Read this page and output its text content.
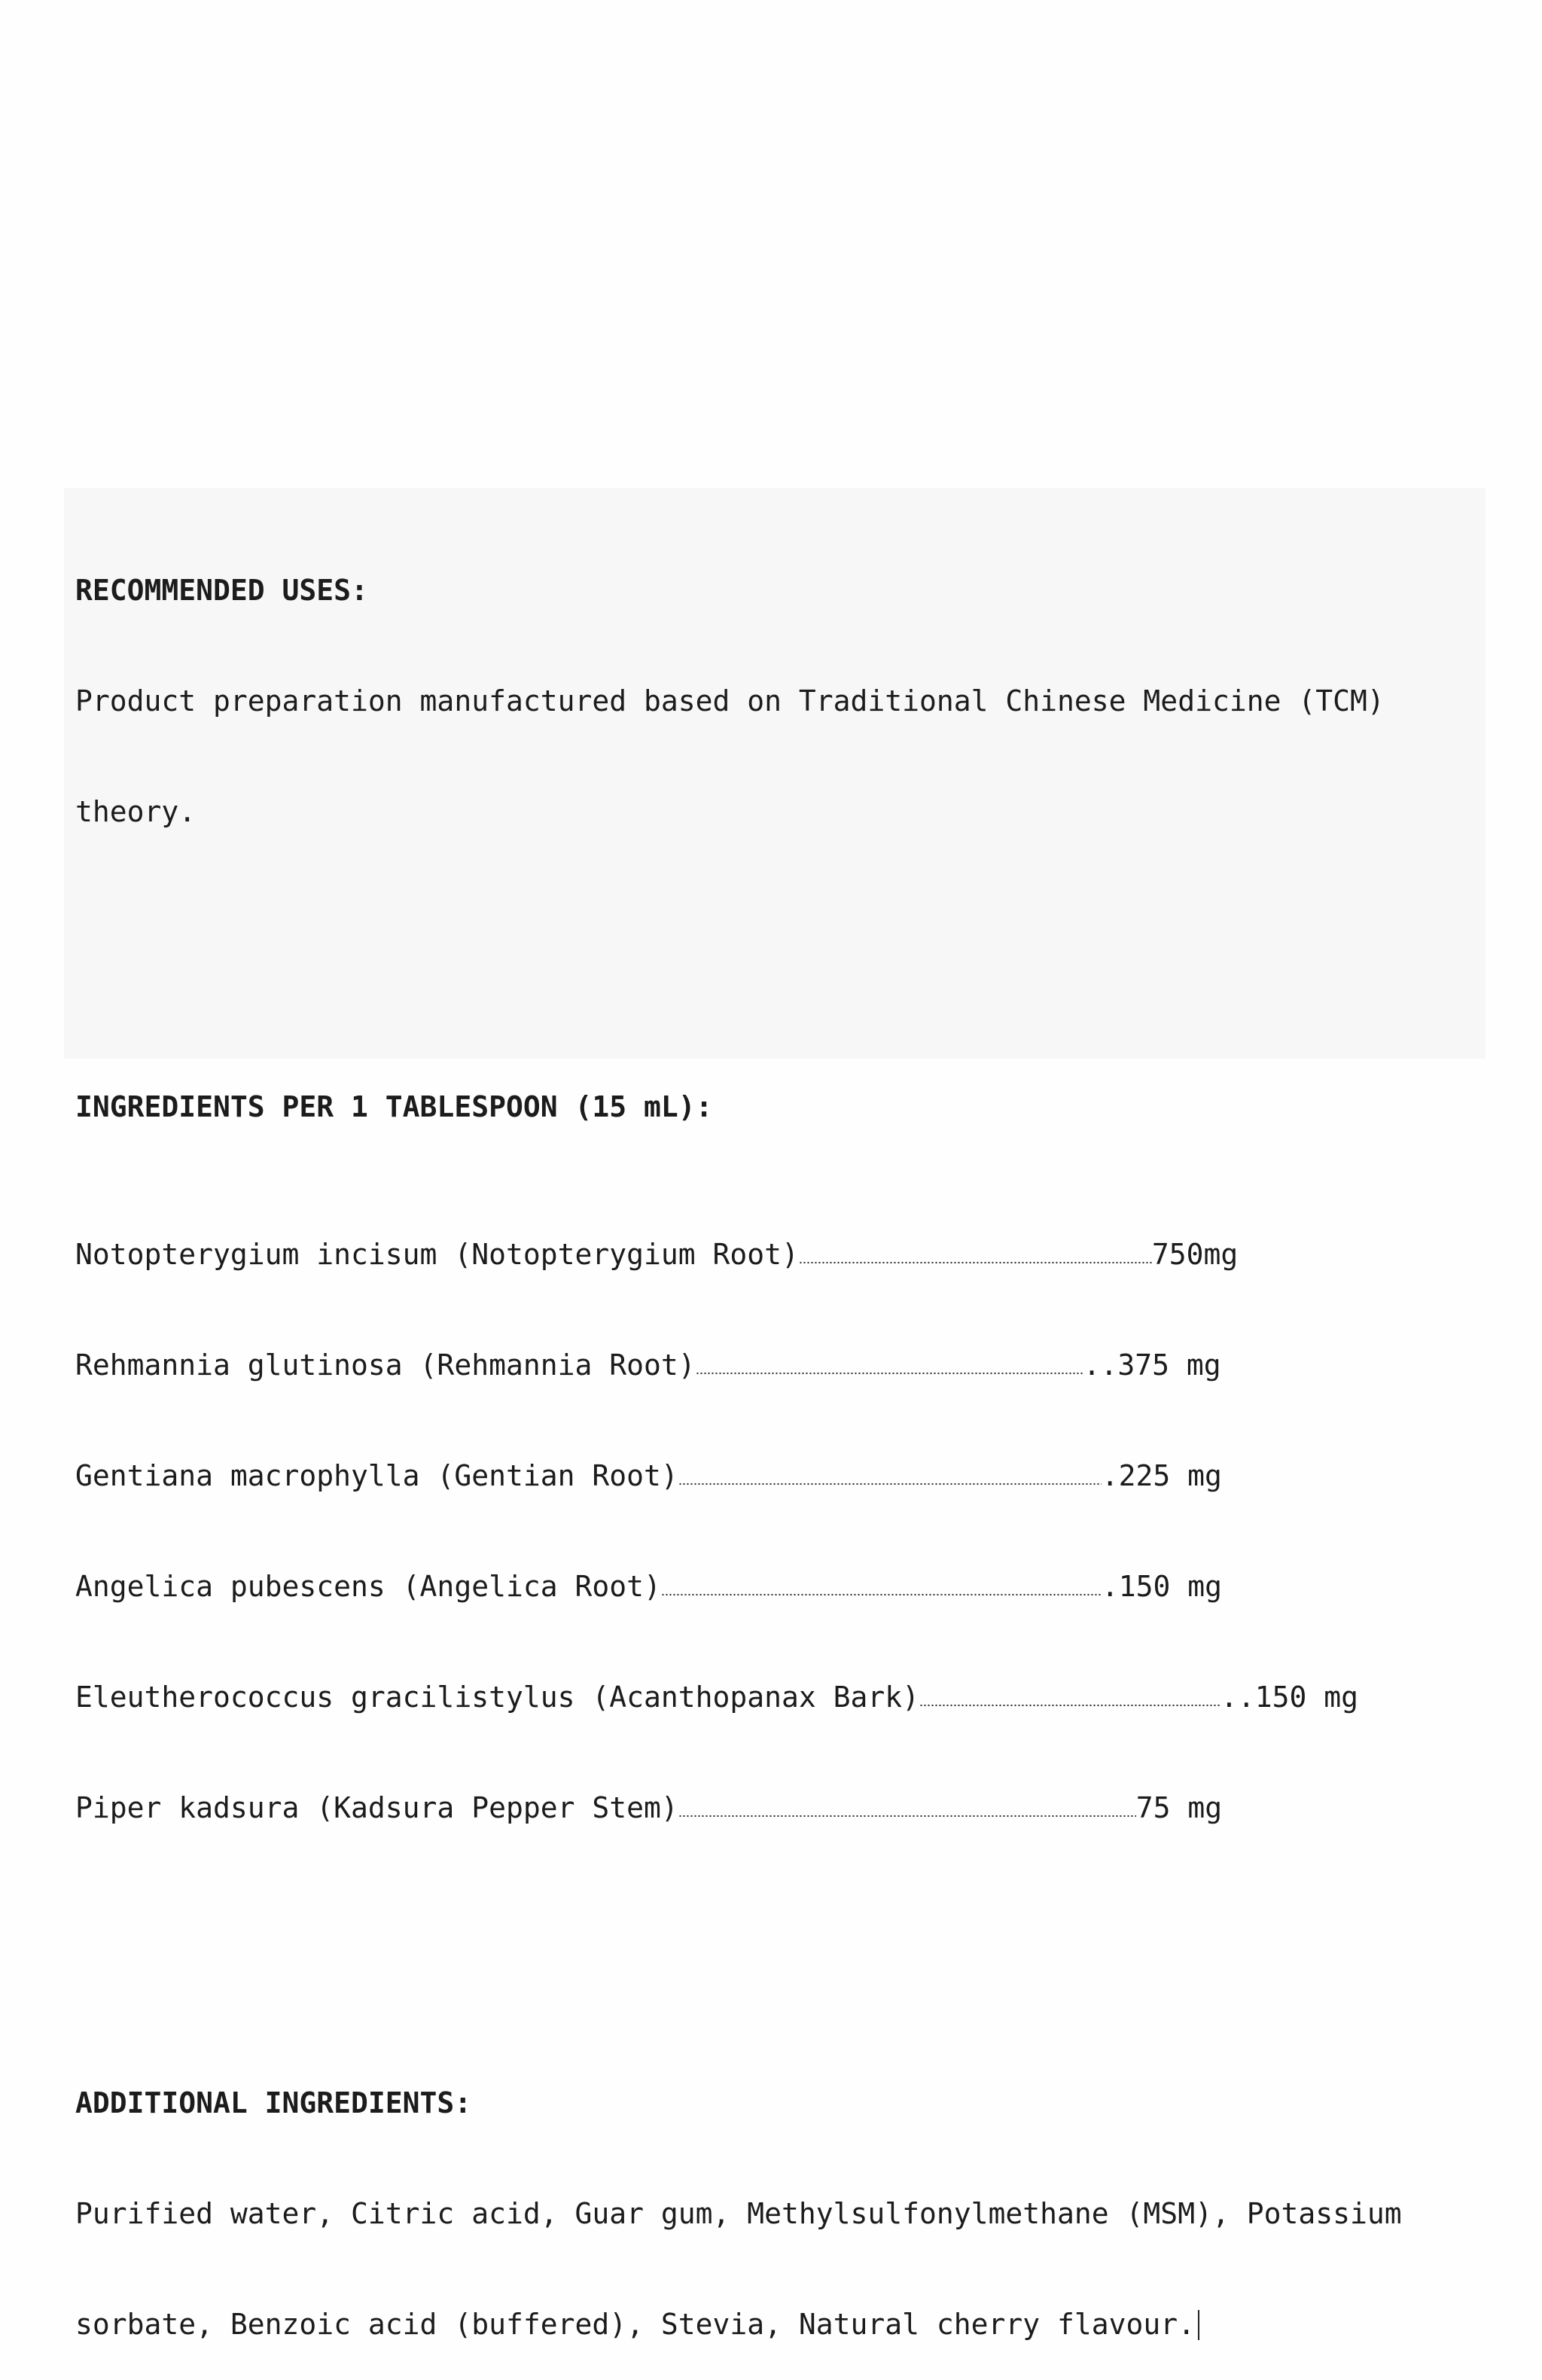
RECOMMENDED USES:

Product preparation manufactured based on Traditional Chinese Medicine (TCM)

theory.

INGREDIENTS PER 1 TABLESPOON (15 mL):

Notopterygium incisum (Notopterygium Root)	750mg

Rehmannia glutinosa (Rehmannia Root)	..375 mg

Gentiana macrophylla (Gentian Root)	.225 mg

Angelica pubescens (Angelica Root)	.150 mg

Eleutherococcus gracilistylus (Acanthopanax Bark)	..150 mg

Piper kadsura (Kadsura Pepper Stem)	75 mg

ADDITIONAL INGREDIENTS:

Purified water, Citric acid, Guar gum, Methylsulfonylmethane (MSM), Potassium

sorbate, Benzoic acid (buffered), Stevia, Natural cherry flavour.
